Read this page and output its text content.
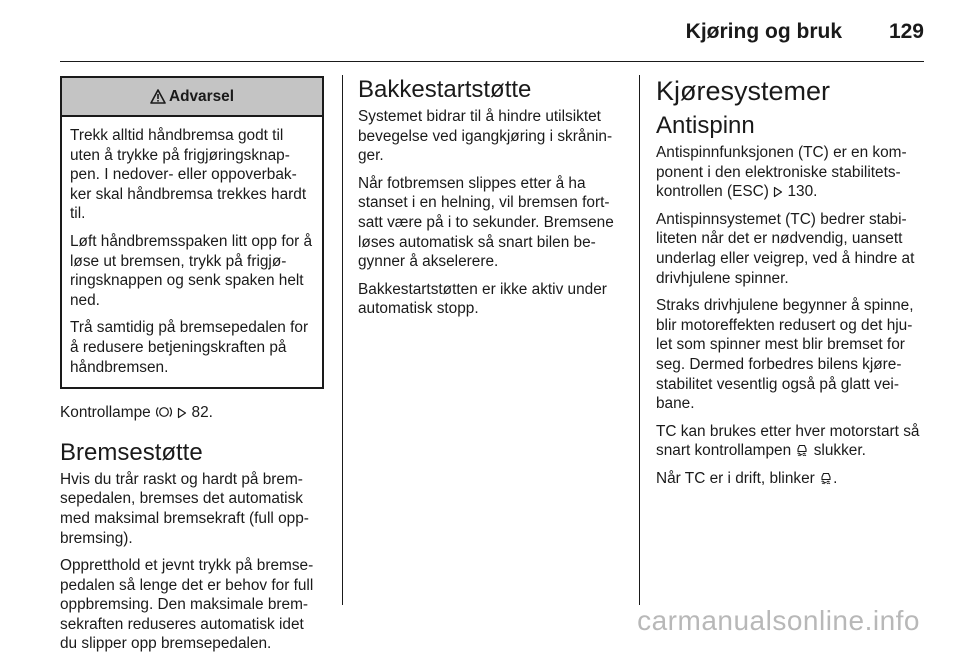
Kjøring og bruk 129
Advarsel

Trekk alltid håndbremsa godt til uten å trykke på frigjøringsknap-pen. I nedover- eller oppoverbak-ker skal håndbremsa trekkes hardt til.

Løft håndbremsspaken litt opp for å løse ut bremsen, trykk på frigjø-ringsknappen og senk spaken helt ned.

Trå samtidig på bremsepedalen for å redusere betjeningskraften på håndbremsen.

Kontrollampe	82.

Bremsestøtte

Hvis du trår raskt og hardt på brem-sepedalen, bremses det automatisk med maksimal bremsekraft (full opp-bremsing).

Oppretthold et jevnt trykk på bremse-pedalen så lenge det er behov for full oppbremsing. Den maksimale brem-sekraften reduseres automatisk idet du slipper opp bremsepedalen.

Bakkestartstøtte

Systemet bidrar til å hindre utilsiktet bevegelse ved igangkjøring i skrånin-ger.

Når fotbremsen slippes etter å ha stanset i en helning, vil bremsen fort-satt være på i to sekunder. Bremsene løses automatisk så snart bilen be-gynner å akselerere.

Bakkestartstøtten er ikke aktiv under automatisk stopp.

Kjøresystemer
Antispinn

Antispinnfunksjonen (TC) er en kom-ponent i den elektroniske stabilitets-kontrollen (ESC) 130.

Antispinnsystemet (TC) bedrer stabi-liteten når det er nødvendig, uansett underlag eller veigrep, ved å hindre at drivhjulene spinner.

Straks drivhjulene begynner å spinne, blir motoreffekten redusert og det hju-let som spinner mest blir bremset for seg. Dermed forbedres bilens kjøre-stabilitet vesentlig også på glatt vei-bane.

TC kan brukes etter hver motorstart så snart kontrollampen slukker.

Når TC er i drift, blinker .

carmanualsonline.info
